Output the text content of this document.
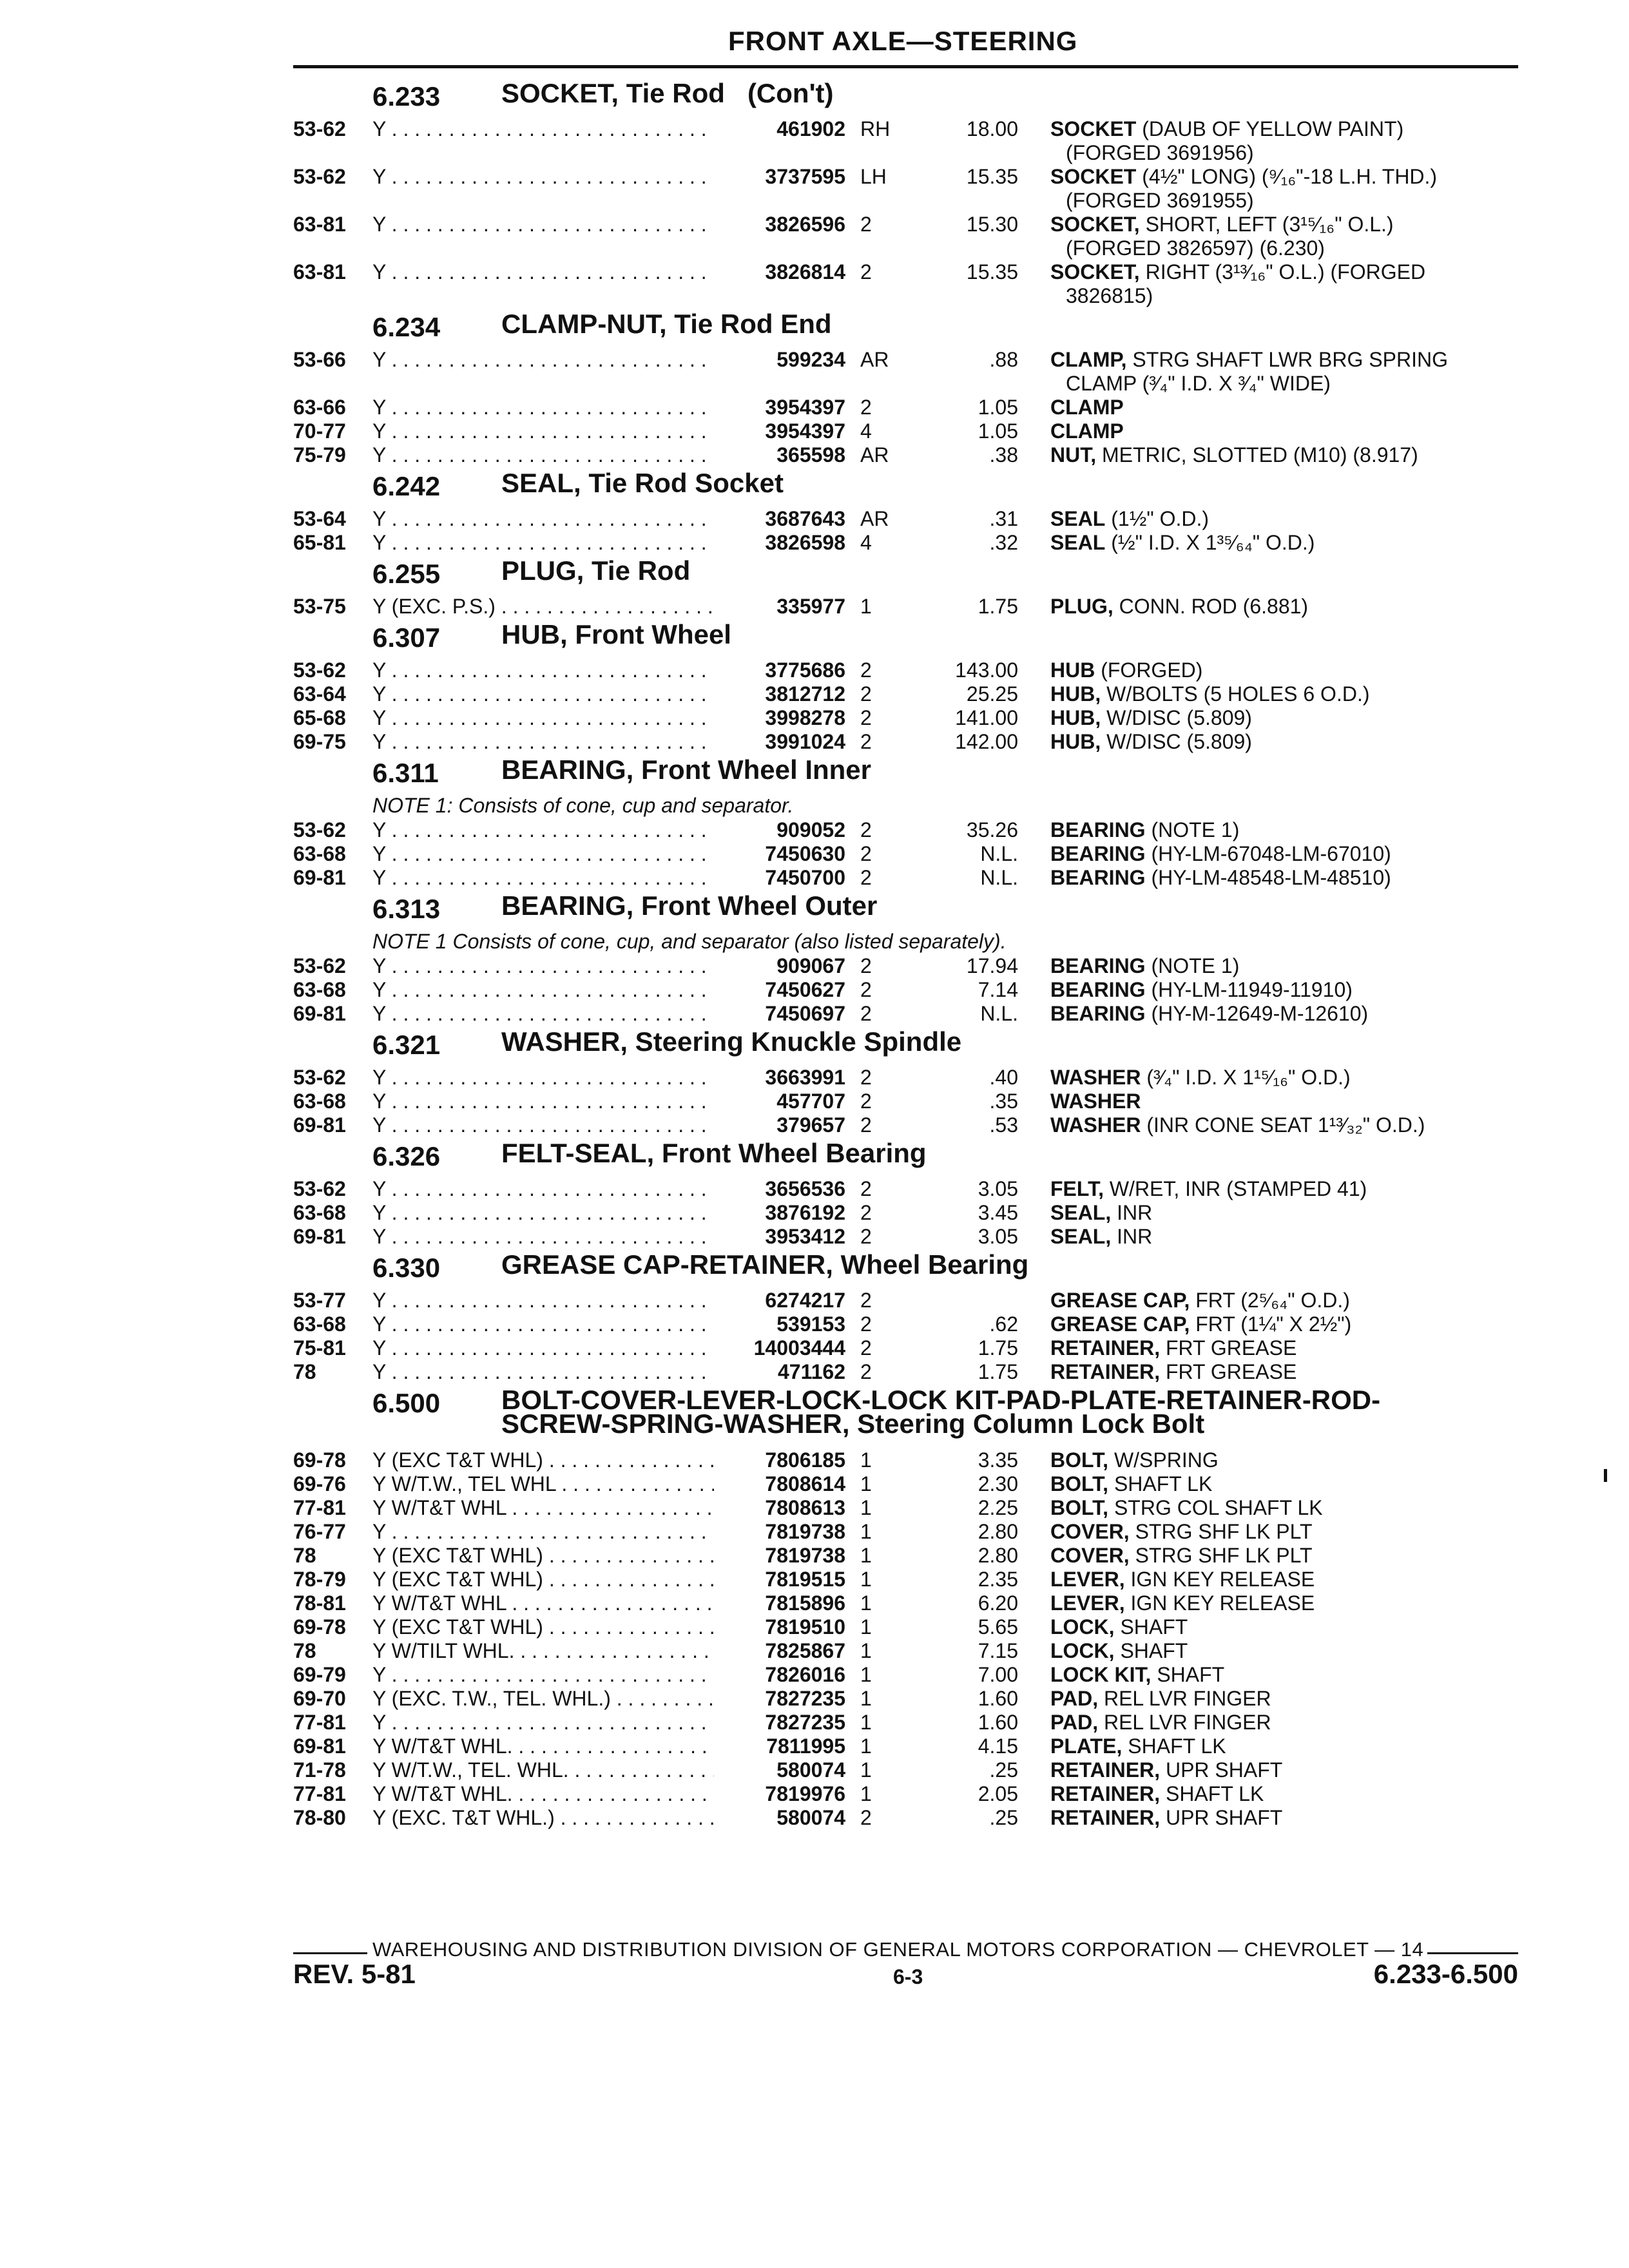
FRONT AXLE—STEERING
6.233 SOCKET, Tie Rod   (Con't)
53-62 Y . . .	461902 RH	18.00 SOCKET (DAUB OF YELLOW PAINT)
(FORGED 3691956)
53-62 Y . . .	3737595 LH	15.35 SOCKET (4½" LONG) (⁹⁄₁₆"-18 L.H. THD.)
(FORGED 3691955)
63-81 Y . . .	3826596 2	15.30 SOCKET, SHORT, LEFT (3¹⁵⁄₁₆" O.L.)
(FORGED 3826597) (6.230)
63-81 Y . . .	3826814 2	15.35 SOCKET, RIGHT (3¹³⁄₁₆" O.L.) (FORGED
3826815)
6.234 CLAMP-NUT, Tie Rod End
53-66 Y . . .	599234 AR	.88 CLAMP, STRG SHAFT LWR BRG SPRING
CLAMP (³⁄₄" I.D. X ³⁄₄" WIDE)
63-66 Y . . .	3954397 2	1.05 CLAMP
70-77 Y . . .	3954397 4	1.05 CLAMP
75-79 Y . . .	365598 AR	.38 NUT, METRIC, SLOTTED (M10) (8.917)
6.242 SEAL, Tie Rod Socket
53-64 Y . . .	3687643 AR	.31 SEAL (1½" O.D.)
65-81 Y . . .	3826598 4	.32 SEAL (½" I.D. X 1³⁵⁄₆₄" O.D.)
6.255 PLUG, Tie Rod
53-75 Y (EXC. P.S.) . . .	335977 1	1.75 PLUG, CONN. ROD (6.881)
6.307 HUB, Front Wheel
53-62 Y . . .	3775686 2	143.00 HUB (FORGED)
63-64 Y . . .	3812712 2	25.25 HUB, W/BOLTS (5 HOLES 6 O.D.)
65-68 Y . . .	3998278 2	141.00 HUB, W/DISC (5.809)
69-75 Y . . .	3991024 2	142.00 HUB, W/DISC (5.809)
6.311 BEARING, Front Wheel Inner
NOTE 1: Consists of cone, cup and separator.
53-62 Y . . .	909052 2	35.26 BEARING (NOTE 1)
63-68 Y . . .	7450630 2	N.L. BEARING (HY-LM-67048-LM-67010)
69-81 Y . . .	7450700 2	N.L. BEARING (HY-LM-48548-LM-48510)
6.313 BEARING, Front Wheel Outer
NOTE 1 Consists of cone, cup, and separator (also listed separately).
53-62 Y . . .	909067 2	17.94 BEARING (NOTE 1)
63-68 Y . . .	7450627 2	7.14 BEARING (HY-LM-11949-11910)
69-81 Y . . .	7450697 2	N.L. BEARING (HY-M-12649-M-12610)
6.321 WASHER, Steering Knuckle Spindle
53-62 Y . . .	3663991 2	.40 WASHER (³⁄₄" I.D. X 1¹⁵⁄₁₆" O.D.)
63-68 Y . . .	457707 2	.35 WASHER
69-81 Y . . .	379657 2	.53 WASHER (INR CONE SEAT 1¹³⁄₃₂" O.D.)
6.326 FELT-SEAL, Front Wheel Bearing
53-62 Y . . .	3656536 2	3.05 FELT, W/RET, INR (STAMPED 41)
63-68 Y . . .	3876192 2	3.45 SEAL, INR
69-81 Y . . .	3953412 2	3.05 SEAL, INR
6.330 GREASE CAP-RETAINER, Wheel Bearing
53-77 Y . . .	6274217 2	GREASE CAP, FRT (2⁵⁄₆₄" O.D.)
63-68 Y . . .	539153 2	.62 GREASE CAP, FRT (1¼" X 2½")
75-81 Y . . .	14003444 2	1.75 RETAINER, FRT GREASE
78	Y . . .	471162 2	1.75 RETAINER, FRT GREASE
6.500 BOLT-COVER-LEVER-LOCK-LOCK KIT-PAD-PLATE-RETAINER-ROD-
SCREW-SPRING-WASHER, Steering Column Lock Bolt
69-78 Y (EXC T&T WHL) . . .	7806185 1	3.35 BOLT, W/SPRING
69-76 Y W/T.W., TEL WHL . . .	7808614 1	2.30 BOLT, SHAFT LK
77-81 Y W/T&T WHL . . .	7808613 1	2.25 BOLT, STRG COL SHAFT LK
76-77 Y . . .	7819738 1	2.80 COVER, STRG SHF LK PLT
78	Y (EXC T&T WHL) . . .	7819738 1	2.80 COVER, STRG SHF LK PLT
78-79 Y (EXC T&T WHL) . . .	7819515 1	2.35 LEVER, IGN KEY RELEASE
78-81 Y W/T&T WHL . . .	7815896 1	6.20 LEVER, IGN KEY RELEASE
69-78 Y (EXC T&T WHL) . . .	7819510 1	5.65 LOCK, SHAFT
78	Y W/TILT WHL. . . .	7825867 1	7.15 LOCK, SHAFT
69-79 Y . . .	7826016 1	7.00 LOCK KIT, SHAFT
69-70 Y (EXC. T.W., TEL. WHL.) . . .	7827235 1	1.60 PAD, REL LVR FINGER
77-81 Y . . .	7827235 1	1.60 PAD, REL LVR FINGER
69-81 Y W/T&T WHL. . . .	7811995 1	4.15 PLATE, SHAFT LK
71-78 Y W/T.W., TEL. WHL. . . .	580074 1	.25 RETAINER, UPR SHAFT
77-81 Y W/T&T WHL. . . .	7819976 1	2.05 RETAINER, SHAFT LK
78-80 Y (EXC. T&T WHL.) . . .	580074 2	.25 RETAINER, UPR SHAFT
WAREHOUSING AND DISTRIBUTION DIVISION OF GENERAL MOTORS CORPORATION — CHEVROLET — 14
REV. 5-81	6-3	6.233-6.500
